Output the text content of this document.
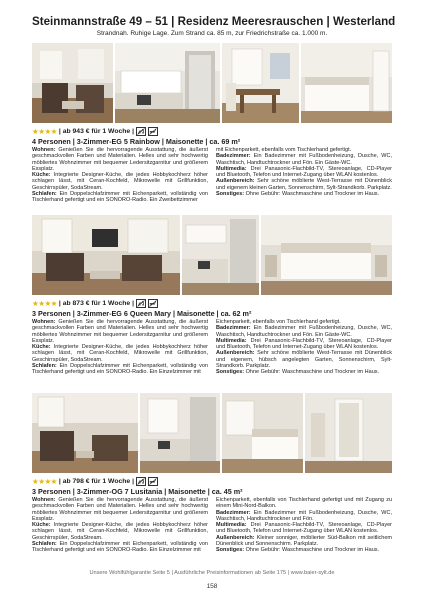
Steinmannstraße 49 – 51 | Residenz Meeresrauschen | Westerland
Strandnah. Ruhige Lage. Zum Strand ca. 85 m, zur Friedrichstraße ca. 1.000 m.
★★★★ | ab 943 € für 1 Woche |
4 Personen | 3-Zimmer-EG 5 Rainbow | Maisonette | ca. 69 m²

Wohnen: Genießen Sie die hervorragende Ausstattung, die äußerst geschmackvollen Farben und Materialien. Helles und sehr hochwertig möbliertes Wohnzimmer mit bequemer Ledersitzgarnitur und größerem Essplatz.

Küche: Integrierte Designer-Küche, die jedes Hobbykochherz höher schlagen lässt, mit Ceran-Kochfeld, Mikrowelle mit Grillfunktion, Geschirrspüler, SodaStream.

Schlafen: Ein Doppelschlafzimmer mit Eichenparkett, vollständig von Tischlerhand gefertigt und ein SONORO-Radio. Ein Zweibettzimmer

mit Eichenparkett, ebenfalls vom Tischlerhand gefertigt.

Badezimmer: Ein Badezimmer mit Fußbodenheizung, Dusche, WC, Waschtisch, Handtuchtrockner und Fön. Ein Gäste-WC.

Multimedia: Drei Panasonic-Flachbild-TV, Stereoanlage, CD-Player und Bluetooth, Telefon und Internet-Zugang über WLAN kostenlos.

Außenbereich: Sehr schöne möblierte West-Terrasse mit Dünenblick und eigenem kleinen Garten, Sonnenschirm, Sylt-Strandkorb. Parkplatz.

Sonstiges: Ohne Gebühr: Waschmaschine und Trockner im Haus.

★★★★ | ab 873 € für 1 Woche |
3 Personen | 3-Zimmer-EG 6 Queen Mary | Maisonette | ca. 62 m²

Wohnen: Genießen Sie die hervorragende Ausstattung, die äußerst geschmackvollen Farben und Materialien. Helles und sehr hochwertig möbliertes Wohnzimmer mit bequemer Ledersitzgarnitur und größerem Essplatz.

Küche: Integrierte Designer-Küche, die jedes Hobbykochherz höher schlagen lässt, mit Ceran-Kochfeld, Mikrowelle mit Grillfunktion, Geschirrspüler, SodaStream.

Schlafen: Ein Doppelschlafzimmer mit Eichenparkett, vollständig von Tischlerhand gefertigt und ein SONORO-Radio. Ein Einzelzimmer mit

Eichenparkett, ebenfalls von Tischlerhand gefertigt.

Badezimmer: Ein Badezimmer mit Fußbodenheizung, Dusche, WC, Waschtisch, Handtuchtrockner und Fön. Ein Gäste-WC.

Multimedia: Drei Panasonic-Flachbild-TV, Stereoanlage, CD-Player und Bluetooth, Telefon und Internet-Zugang über WLAN kostenlos.

Außenbereich: Sehr schöne möblierte West-Terrasse mit Dünenblick und eigenem, hübsch angelegten Garten, Sonnenschirm, Sylt-Strandkorb. Parkplatz.

Sonstiges: Ohne Gebühr: Waschmaschine und Trockner im Haus.

★★★★ | ab 798 € für 1 Woche |
3 Personen | 3-Zimmer-OG 7 Lusitania | Maisonette | ca. 45 m²

Wohnen: Genießen Sie die hervorragende Ausstattung, die äußerst geschmackvollen Farben und Materialien. Helles und sehr hochwertig möbliertes Wohnzimmer mit bequemer Ledersitzgarnitur und größerem Essplatz.

Küche: Integrierte Designer-Küche, die jedes Hobbykochherz höher schlagen lässt, mit Ceran-Kochfeld, Mikrowelle mit Grillfunktion, Geschirrspüler, SodaStream.

Schlafen: Ein Doppelschlafzimmer mit Eichenparkett, vollständig von Tischlerhand gefertigt und ein SONORO-Radio. Ein Einzelzimmer mit

Eichenparkett, ebenfalls von Tischlerhand gefertigt und mit Zugang zu einem Mini-Nord-Balkon.

Badezimmer: Ein Badezimmer mit Fußbodenheizung, Dusche, WC, Waschtisch, Handtuchtrockner und Fön.

Multimedia: Drei Panasonic-Flachbild-TV, Stereoanlage, CD-Player und Bluetooth, Telefon und Internet-Zugang über WLAN kostenlos.

Außenbereich: Kleiner sonniger, möblierter Süd-Balkon mit seitlichem Dünenblick und Sonnenschirm. Parkplatz.

Sonstiges: Ohne Gebühr: Waschmaschine und Trockner im Haus.

Unsere Wohlfühlgarantie Seite 5 | Ausführliche Preisinformationen ab Seite 175 | www.baier-sylt.de
158
